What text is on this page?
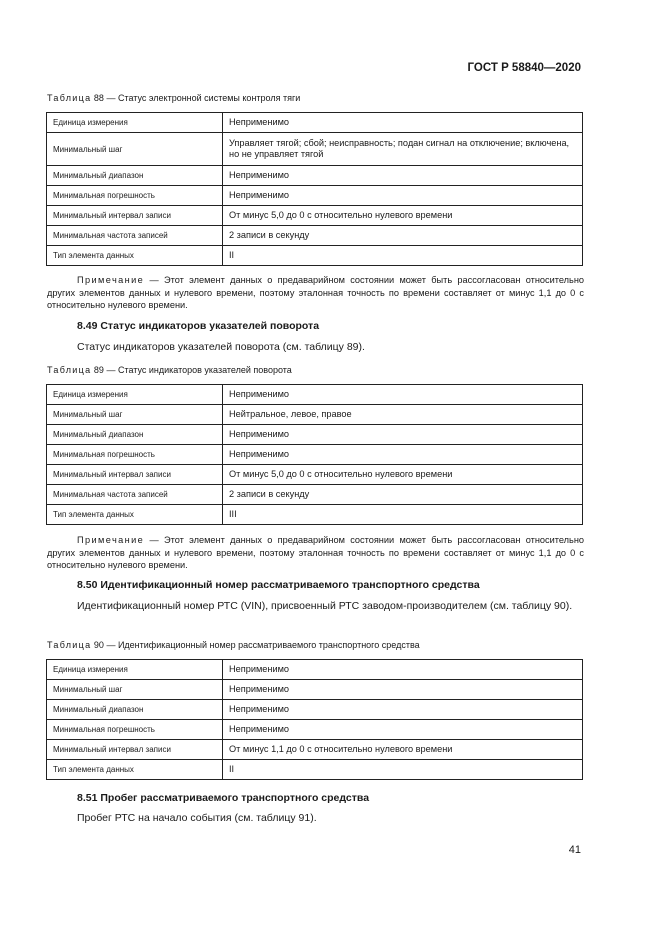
ГОСТ Р 58840—2020
Таблица 88 — Статус электронной системы контроля тяги
Единица измерения	Неприменимо
Минимальный шаг	Управляет тягой; сбой; неисправность; подан сигнал на отключение; включена, но не управляет тягой
Минимальный диапазон	Неприменимо
Минимальная погрешность	Неприменимо
Минимальный интервал записи	От минус 5,0 до 0 с относительно нулевого времени
Минимальная частота записей	2 записи в секунду
Тип элемента данных	II
Примечание — Этот элемент данных о предаварийном состоянии может быть рассогласован относительно других элементов данных и нулевого времени, поэтому эталонная точность по времени составляет от минус 1,1 до 0 с относительно нулевого времени.
8.49 Статус индикаторов указателей поворота
Статус индикаторов указателей поворота (см. таблицу 89).
Таблица 89 — Статус индикаторов указателей поворота
Единица измерения	Неприменимо
Минимальный шаг	Нейтральное, левое, правое
Минимальный диапазон	Неприменимо
Минимальная погрешность	Неприменимо
Минимальный интервал записи	От минус 5,0 до 0 с относительно нулевого времени
Минимальная частота записей	2 записи в секунду
Тип элемента данных	III
Примечание — Этот элемент данных о предаварийном состоянии может быть рассогласован относительно других элементов данных и нулевого времени, поэтому эталонная точность по времени составляет от минус 1,1 до 0 с относительно нулевого времени.
8.50 Идентификационный номер рассматриваемого транспортного средства
Идентификационный номер РТС (VIN), присвоенный РТС заводом-производителем (см. таблицу 90).
Таблица 90 — Идентификационный номер рассматриваемого транспортного средства
Единица измерения	Неприменимо
Минимальный шаг	Неприменимо
Минимальный диапазон	Неприменимо
Минимальная погрешность	Неприменимо
Минимальный интервал записи	От минус 1,1 до 0 с относительно нулевого времени
Тип элемента данных	II
8.51 Пробег рассматриваемого транспортного средства
Пробег РТС на начало события (см. таблицу 91).
41
